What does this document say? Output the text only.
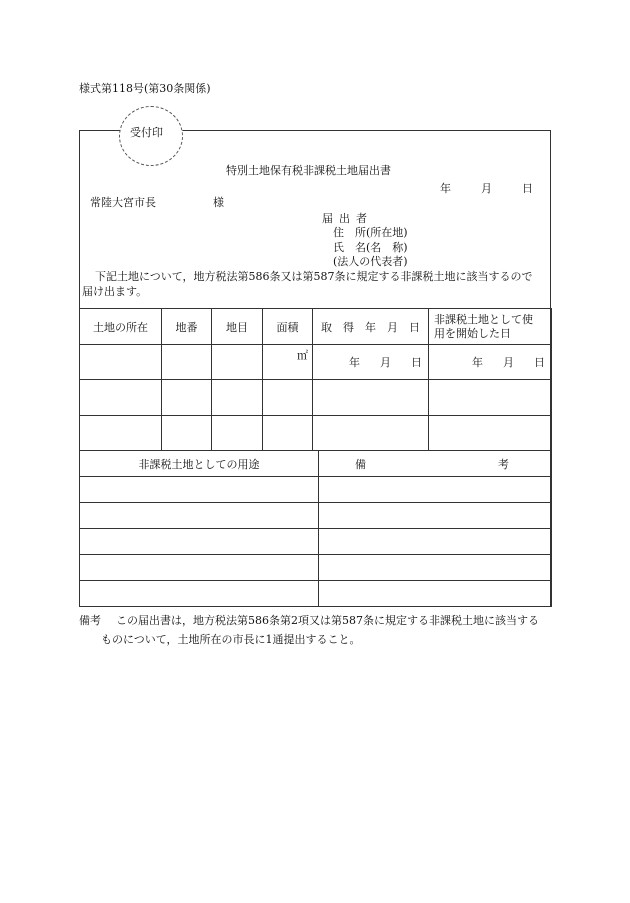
様式第118号(第30条関係)
受付印
特別土地保有税非課税土地届出書
年	月	日
常陸大宮市長	様
届出者
住　所(所在地)
氏　名(名　称)
(法人の代表者)
下記土地について，地方税法第586条又は第587条に規定する非課税土地に該当するので
届け出ます。
土地の所在	地番	地目	面積	取　得　年　月　日	非課税土地として使
用を開始した日

			㎡	年 月 日	年 月 日

非課税土地としての用途	備 考

備考 この届出書は，地方税法第586条第2項又は第587条に規定する非課税土地に該当する
ものについて，土地所在の市長に1通提出すること。
